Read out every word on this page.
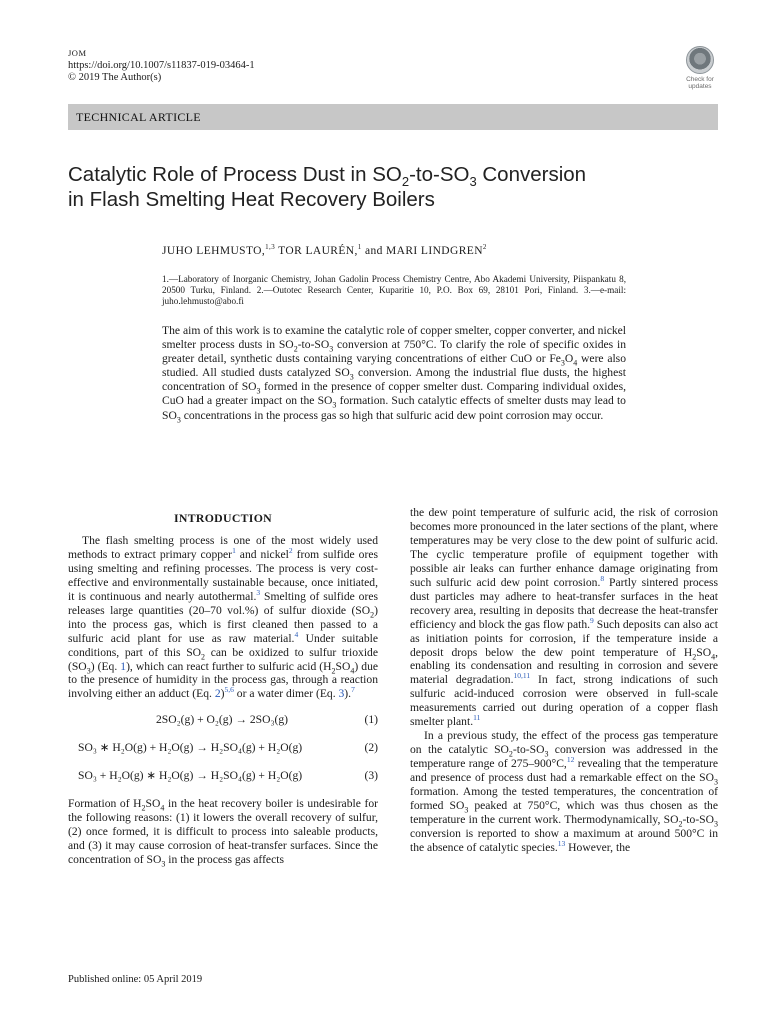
JOM
https://doi.org/10.1007/s11837-019-03464-1
© 2019 The Author(s)	Check for
updates
TECHNICAL ARTICLE
Catalytic Role of Process Dust in $SO_2-to-SO_3$ Conversion
in Flash Smelting Heat Recovery Boilers
JUHO LEHMUSTO,$^{1,3}$ TOR LAURÉN,$^1$ and MARI LINDGREN$^2$
1.—Laboratory of Inorganic Chemistry, Johan Gadolin Process Chemistry Centre, Abo Akademi University, Piispankatu 8, 20500 Turku, Finland. 2.—Outotec Research Center, Kuparitie 10, P.O. Box 69, 28101 Pori, Finland. 3.—e-mail: juho.lehmusto@abo.fi
The aim of this work is to examine the catalytic role of copper smelter, copper converter, and nickel smelter process dusts in $SO_2-to-SO_3$ conversion at 750°C. To clarify the role of specific oxides in greater detail, synthetic dusts containing varying concentrations of either CuO or $Fe_3O_4$ were also studied. All studied dusts catalyzed $SO_3$ conversion. Among the industrial flue dusts, the highest concentration of $SO_3$ formed in the presence of copper smelter dust. Comparing individual oxides, CuO had a greater impact on the $SO_3$ formation. Such catalytic effects of smelter dusts may lead to $SO_3$ concentrations in the process gas so high that sulfuric acid dew point corrosion may occur.
INTRODUCTION

The flash smelting process is one of the most widely used methods to extract primary copper$^1$ and nickel$^2$ from sulfide ores using smelting and refining processes. The process is very cost-effective and environmentally sustainable because, once initiated, it is continuous and nearly autothermal.$^3$ Smelting of sulfide ores releases large quantities (20–70 vol.%) of sulfur dioxide $(SO_2)$ into the process gas, which is first cleaned then passed to a sulfuric acid plant for use as raw material.$^4$ Under suitable conditions, part of this $SO_2$ can be oxidized to sulfur trioxide $(SO_3)$ (Eq. 1), which can react further to sulfuric acid $(H_2SO_4)$ due to the presence of humidity in the process gas, through a reaction involving either an adduct (Eq. 2)$^{5,6}$ or a water dimer (Eq. 3).$^7$

2SO₂(g) + O₂(g) → 2SO₃(g)	(1)
SO₃ ∗ H₂O(g) + H₂O(g) → H₂SO₄(g) + H₂O(g)	(2)
SO₃ + H₂O(g) ∗ H₂O(g) → H₂SO₄(g) + H₂O(g)	(3)

Formation of $H_2SO_4$ in the heat recovery boiler is undesirable for the following reasons: (1) it lowers the overall recovery of sulfur, (2) once formed, it is difficult to process into saleable products, and (3) it may cause corrosion of heat-transfer surfaces. Since the concentration of $SO_3$ in the process gas affects

the dew point temperature of sulfuric acid, the risk of corrosion becomes more pronounced in the later sections of the plant, where temperatures may be very close to the dew point of sulfuric acid. The cyclic temperature profile of equipment together with possible air leaks can further enhance damage originating from such sulfuric acid dew point corrosion.$^8$ Partly sintered process dust particles may adhere to heat-transfer surfaces in the heat recovery area, resulting in deposits that decrease the heat-transfer efficiency and block the gas flow path.$^9$ Such deposits can also act as initiation points for corrosion, if the temperature inside a deposit drops below the dew point temperature of $H_2SO_4$, enabling its condensation and resulting in corrosion and severe material degradation.$^{10,11}$ In fact, strong indications of such sulfuric acid-induced corrosion were observed in full-scale measurements carried out during operation of a copper flash smelter plant.$^{11}$

In a previous study, the effect of the process gas temperature on the catalytic $SO_2-to-SO_3$ conversion was addressed in the temperature range of 275–900°C,$^{12}$ revealing that the temperature and presence of process dust had a remarkable effect on the $SO_3$ formation. Among the tested temperatures, the concentration of formed $SO_3$ peaked at 750°C, which was thus chosen as the temperature in the current work. Thermodynamically, $SO_2-to-SO_3$ conversion is reported to show a maximum at around 500°C in the absence of catalytic species.$^{13}$ However, the

Published online: 05 April 2019
